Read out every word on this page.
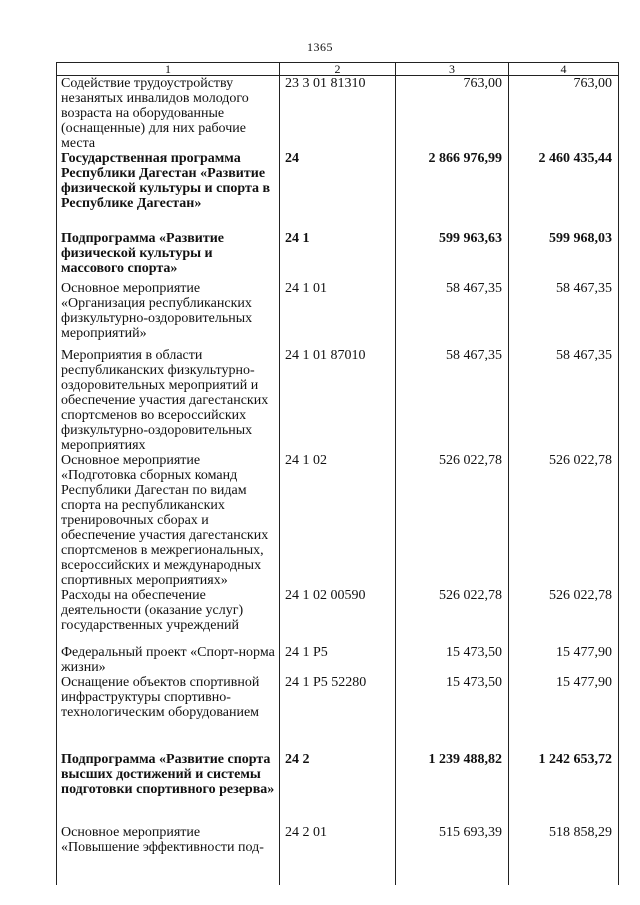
1365
1	2	3	4
Содействие трудоустройству незанятых инвалидов молодого возраста на оборудованные (оснащенные) для них рабочие места	23 3 01 81310	763,00	763,00
Государственная программа Республики Дагестан «Развитие физической культуры и спорта в Республике Дагестан»	24	2 866 976,99	2 460 435,44
Подпрограмма «Развитие физической культуры и массового спорта»	24 1	599 963,63	599 968,03
Основное мероприятие «Организация республиканских физкультурно-оздоровительных мероприятий»	24 1 01	58 467,35	58 467,35
Мероприятия в области республиканских физкультурно-оздоровительных мероприятий и обеспечение участия дагестанских спортсменов во всероссийских физкультурно-оздоровительных мероприятиях	24 1 01 87010	58 467,35	58 467,35
Основное мероприятие «Подготовка сборных команд Республики Дагестан по видам спорта на республиканских тренировочных сборах и обеспечение участия дагестанских спортсменов в межрегиональных, всероссийских и международных спортивных мероприятиях»	24 1 02	526 022,78	526 022,78
Расходы на обеспечение деятельности (оказание услуг) государственных учреждений	24 1 02 00590	526 022,78	526 022,78
Федеральный проект «Спорт-норма жизни»	24 1 P5	15 473,50	15 477,90
Оснащение объектов спортивной инфраструктуры спортивно-технологическим оборудованием	24 1 P5 52280	15 473,50	15 477,90
Подпрограмма «Развитие спорта высших достижений и системы подготовки спортивного резерва»	24 2	1 239 488,82	1 242 653,72
Основное мероприятие «Повышение эффективности под-	24 2 01	515 693,39	518 858,29
